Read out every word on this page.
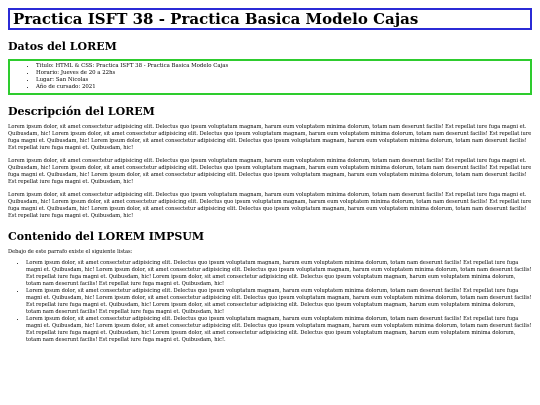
Practica ISFT 38 - Practica Basica Modelo Cajas
Datos del LOREM
• Titulo: HTML & CSS: Practica ISFT 38 - Practica Basica Modelo Cajas
• Horario: Jueves de 20 a 22hs
• Lugar: San Nicolas
• Año de cursado: 2021
Descripción del LOREM

Lorem ipsum dolor, sit amet consectetur adipisicing elit. Delectus quo ipsum voluptatum magnam, harum eum voluptatem minima dolorum, totam nam deserunt facilis! Est repellat iure fuga magni et. Quibusdam, hic! Lorem ipsum dolor, sit amet consectetur adipisicing elit. Delectus quo ipsum voluptatum magnam, harum eum voluptatem minima dolorum, totam nam deserunt facilis! Est repellat iure fuga magni et. Quibusdam, hic! Lorem ipsum dolor, sit amet consectetur adipisicing elit. Delectus quo ipsum voluptatum magnam, harum eum voluptatem minima dolorum, totam nam deserunt facilis! Est repellat iure fuga magni et. Quibusdam, hic!

Lorem ipsum dolor, sit amet consectetur adipisicing elit. Delectus quo ipsum voluptatum magnam, harum eum voluptatem minima dolorum, totam nam deserunt facilis! Est repellat iure fuga magni et. Quibusdam, hic! Lorem ipsum dolor, sit amet consectetur adipisicing elit. Delectus quo ipsum voluptatum magnam, harum eum voluptatem minima dolorum, totam nam deserunt facilis! Est repellat iure fuga magni et. Quibusdam, hic! Lorem ipsum dolor, sit amet consectetur adipisicing elit. Delectus quo ipsum voluptatum magnam, harum eum voluptatem minima dolorum, totam nam deserunt facilis! Est repellat iure fuga magni et. Quibusdam, hic!

Lorem ipsum dolor, sit amet consectetur adipisicing elit. Delectus quo ipsum voluptatum magnam, harum eum voluptatem minima dolorum, totam nam deserunt facilis! Est repellat iure fuga magni et. Quibusdam, hic! Lorem ipsum dolor, sit amet consectetur adipisicing elit. Delectus quo ipsum voluptatum magnam, harum eum voluptatem minima dolorum, totam nam deserunt facilis! Est repellat iure fuga magni et. Quibusdam, hic! Lorem ipsum dolor, sit amet consectetur adipisicing elit. Delectus quo ipsum voluptatum magnam, harum eum voluptatem minima dolorum, totam nam deserunt facilis! Est repellat iure fuga magni et. Quibusdam, hic!

Contenido del LOREM IMPSUM

Debajo de este parrafo existe el siguiente listas:

• Lorem ipsum dolor, sit amet consectetur adipisicing elit. Delectus quo ipsum voluptatum magnam, harum eum voluptatem minima dolorum, totam nam deserunt facilis! Est repellat iure fuga magni et. Quibusdam, hic! Lorem ipsum dolor, sit amet consectetur adipisicing elit. Delectus quo ipsum voluptatum magnam, harum eum voluptatem minima dolorum, totam nam deserunt facilis! Est repellat iure fuga magni et. Quibusdam, hic! Lorem ipsum dolor, sit amet consectetur adipisicing elit. Delectus quo ipsum voluptatum magnam, harum eum voluptatem minima dolorum, totam nam deserunt facilis! Est repellat iure fuga magni et. Quibusdam, hic!
• Lorem ipsum dolor, sit amet consectetur adipisicing elit. Delectus quo ipsum voluptatum magnam, harum eum voluptatem minima dolorum, totam nam deserunt facilis! Est repellat iure fuga magni et. Quibusdam, hic! Lorem ipsum dolor, sit amet consectetur adipisicing elit. Delectus quo ipsum voluptatum magnam, harum eum voluptatem minima dolorum, totam nam deserunt facilis! Est repellat iure fuga magni et. Quibusdam, hic! Lorem ipsum dolor, sit amet consectetur adipisicing elit. Delectus quo ipsum voluptatum magnam, harum eum voluptatem minima dolorum, totam nam deserunt facilis! Est repellat iure fuga magni et. Quibusdam, hic!
• Lorem ipsum dolor, sit amet consectetur adipisicing elit. Delectus quo ipsum voluptatum magnam, harum eum voluptatem minima dolorum, totam nam deserunt facilis! Est repellat iure fuga magni et. Quibusdam, hic! Lorem ipsum dolor, sit amet consectetur adipisicing elit. Delectus quo ipsum voluptatum magnam, harum eum voluptatem minima dolorum, totam nam deserunt facilis! Est repellat iure fuga magni et. Quibusdam, hic! Lorem ipsum dolor, sit amet consectetur adipisicing elit. Delectus quo ipsum voluptatum magnam, harum eum voluptatem minima dolorum, totam nam deserunt facilis! Est repellat iure fuga magni et. Quibusdam, hic!.
